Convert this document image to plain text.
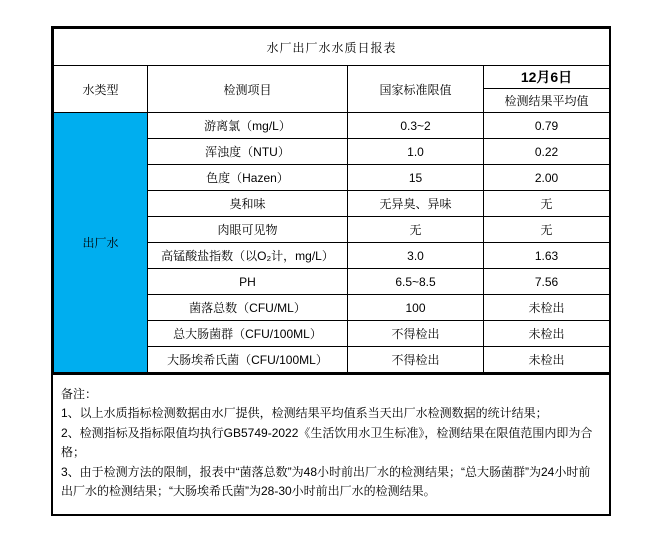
水厂出厂水水质日报表			
水类型	检测项目	国家标准限值	12月6日
检测结果平均值

出厂水	游离氯（mg/L）	0.3~2	0.79
	浑浊度（NTU）	1.0	0.22
	色度（Hazen）	15	2.00
	臭和味	无异臭、异味	无
	肉眼可见物	无	无
	高锰酸盐指数（以O₂计，mg/L）	3.0	1.63
	PH	6.5~8.5	7.56
	菌落总数（CFU/ML）	100	未检出
	总大肠菌群（CFU/100ML）	不得检出	未检出
	大肠埃希氏菌（CFU/100ML）	不得检出	未检出
备注：
1、以上水质指标检测数据由水厂提供，检测结果平均值系当天出厂水检测数据的统计结果；
2、检测指标及指标限值均执行GB5749-2022《生活饮用水卫生标准》，检测结果在限值范围内即为合格；
3、由于检测方法的限制，报表中“菌落总数”为48小时前出厂水的检测结果；“总大肠菌群”为24小时前出厂水的检测结果；“大肠埃希氏菌”为28-30小时前出厂水的检测结果。
